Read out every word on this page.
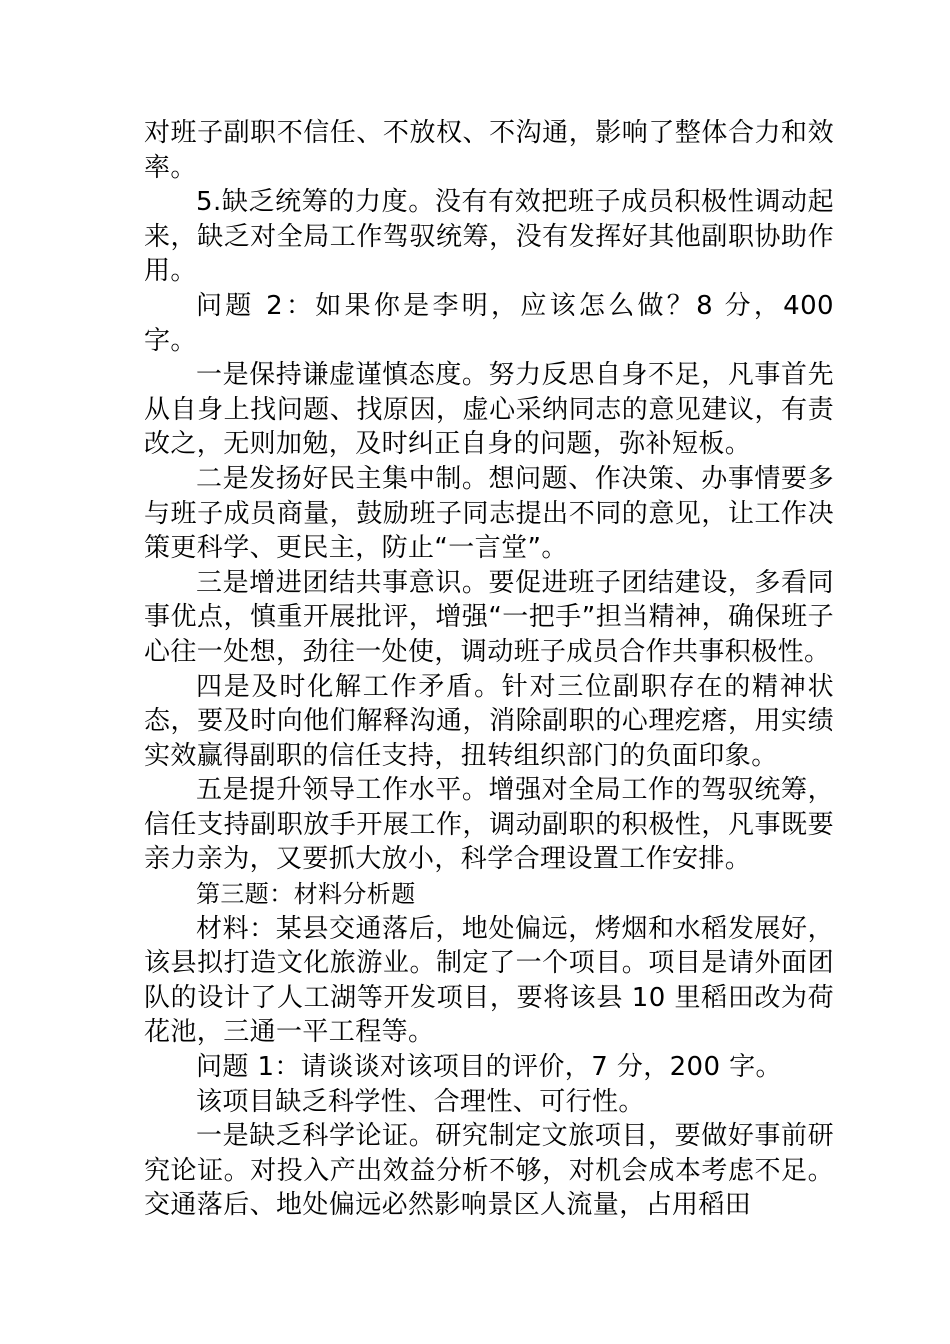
对班子副职不信任、不放权、不沟通，影响了整体合力和效率。

5.缺乏统筹的力度。没有有效把班子成员积极性调动起来，缺乏对全局工作驾驭统筹，没有发挥好其他副职协助作用。

问题 2：如果你是李明，应该怎么做？8 分，400 字。

一是保持谦虚谨慎态度。努力反思自身不足，凡事首先从自身上找问题、找原因，虚心采纳同志的意见建议，有责改之，无则加勉，及时纠正自身的问题，弥补短板。

二是发扬好民主集中制。想问题、作决策、办事情要多与班子成员商量，鼓励班子同志提出不同的意见，让工作决策更科学、更民主，防止“一言堂”。

三是增进团结共事意识。要促进班子团结建设，多看同事优点，慎重开展批评，增强“一把手”担当精神，确保班子心往一处想，劲往一处使，调动班子成员合作共事积极性。

四是及时化解工作矛盾。针对三位副职存在的精神状态，要及时向他们解释沟通，消除副职的心理疙瘩，用实绩实效赢得副职的信任支持，扭转组织部门的负面印象。

五是提升领导工作水平。增强对全局工作的驾驭统筹，信任支持副职放手开展工作，调动副职的积极性，凡事既要亲力亲为，又要抓大放小，科学合理设置工作安排。

第三题：材料分析题

材料：某县交通落后，地处偏远，烤烟和水稻发展好，该县拟打造文化旅游业。制定了一个项目。项目是请外面团队的设计了人工湖等开发项目，要将该县 10 里稻田改为荷花池，三通一平工程等。

问题 1：请谈谈对该项目的评价，7 分，200 字。

该项目缺乏科学性、合理性、可行性。

一是缺乏科学论证。研究制定文旅项目，要做好事前研究论证。对投入产出效益分析不够，对机会成本考虑不足。交通落后、地处偏远必然影响景区人流量，占用稻田
